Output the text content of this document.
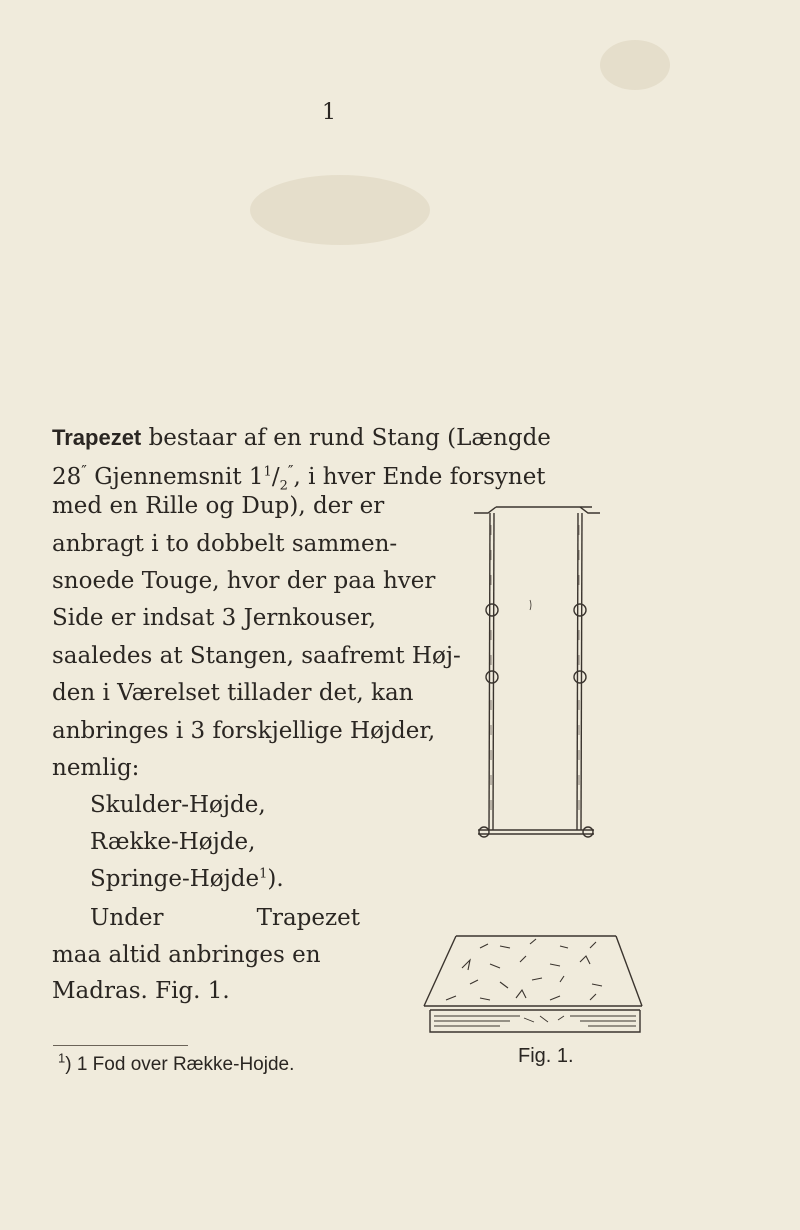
1
Trapezet bestaar af en rund Stang (Længde
28″ Gjennemsnit $1^1/_2''$, i hver Ende forsynet
med en Rille og Dup), der er
anbragt i to dobbelt sammen-
snoede Touge, hvor der paa hver
Side er indsat 3 Jernkouser,
saaledes at Stangen, saafremt Høj-
den i Værelset tillader det, kan
anbringes i 3 forskjellige Højder,
nemlig:
Skulder-Højde,
Række-Højde,
Springe-Højde$^1$).
Under Trapezet
maa altid anbringes en
Madras. Fig. 1.
$^1$) 1 Fod over Række-Hojde.	Fig. 1.
